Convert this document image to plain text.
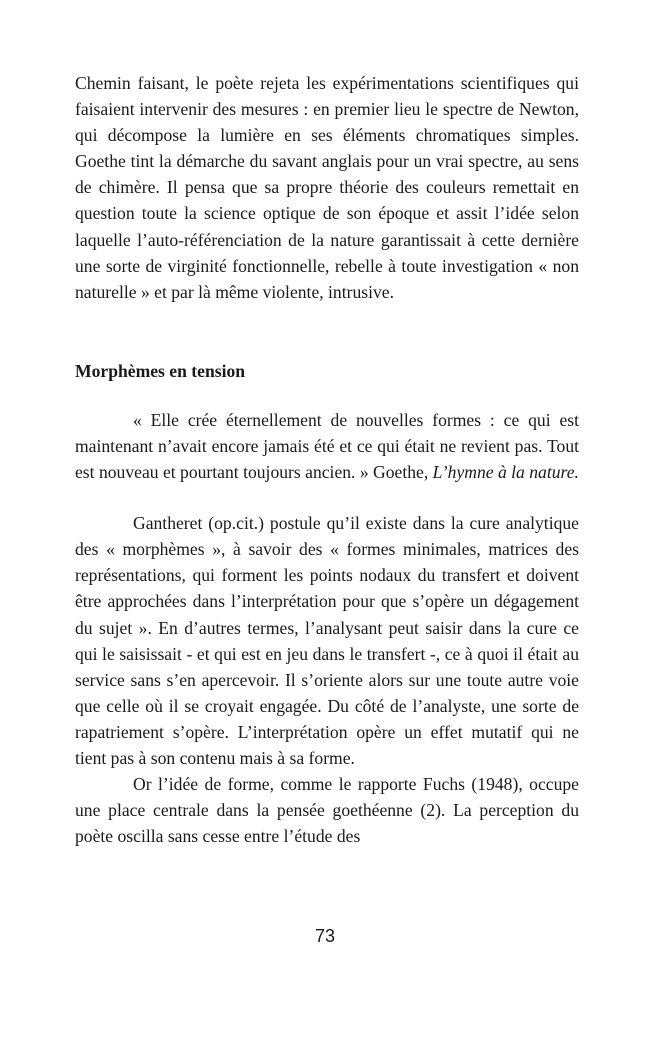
Chemin faisant, le poète rejeta les expérimentations scientifiques qui faisaient intervenir des mesures : en premier lieu le spectre de Newton, qui décompose la lumière en ses éléments chromatiques simples. Goethe tint la démarche du savant anglais pour un vrai spectre, au sens de chimère. Il pensa que sa propre théorie des couleurs remettait en question toute la science optique de son époque et assit l’idée selon laquelle l’auto-référenciation de la nature garantissait à cette dernière une sorte de virginité fonctionnelle, rebelle à toute investigation « non naturelle » et par là même violente, intrusive.

Morphèmes en tension

« Elle crée éternellement de nouvelles formes : ce qui est maintenant n’avait encore jamais été et ce qui était ne revient pas. Tout est nouveau et pourtant toujours ancien. » Goethe, L’hymne à la nature.

Gantheret (op.cit.) postule qu’il existe dans la cure analytique des « morphèmes », à savoir des « formes minimales, matrices des représentations, qui forment les points nodaux du transfert et doivent être approchées dans l’interprétation pour que s’opère un dégagement du sujet ». En d’autres termes, l’analysant peut saisir dans la cure ce qui le saisissait - et qui est en jeu dans le transfert -, ce à quoi il était au service sans s’en apercevoir. Il s’oriente alors sur une toute autre voie que celle où il se croyait engagée. Du côté de l’analyste, une sorte de rapatriement s’opère. L’interprétation opère un effet mutatif qui ne tient pas à son contenu mais à sa forme.

Or l’idée de forme, comme le rapporte Fuchs (1948), occupe une place centrale dans la pensée goethéenne (2). La perception du poète oscilla sans cesse entre l’étude des

73
